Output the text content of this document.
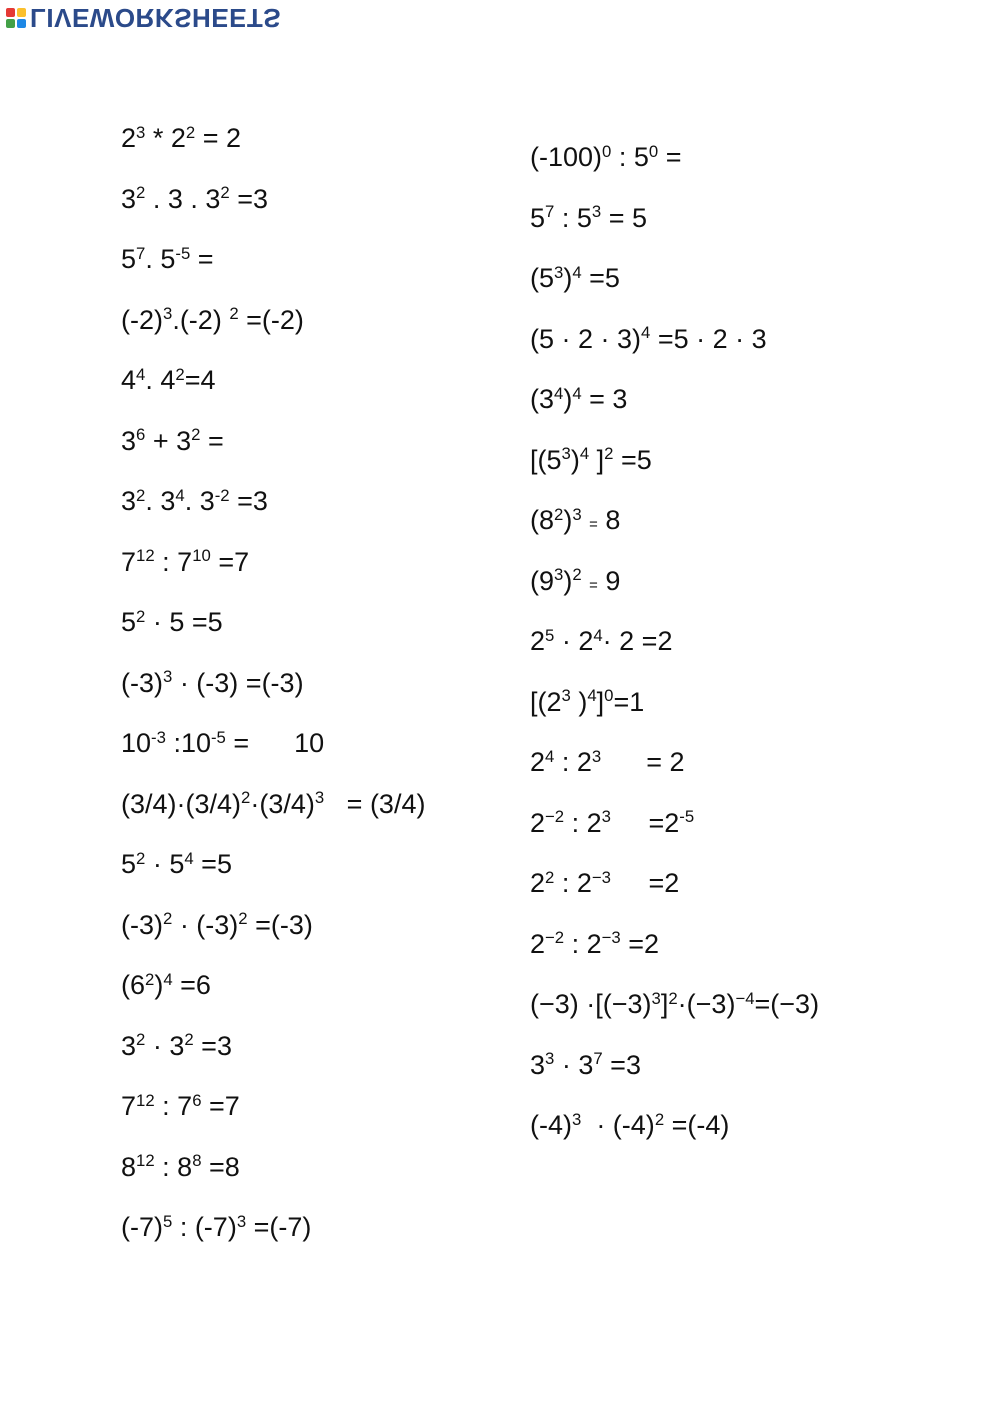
LIVEWORKSHEETS
$2^3 * 2^2 = 2$
$3^2$ . 3 . $3^2 =3$
$5^7$. $5^{-5}$ =
$(-2)^3.(-2)$ $^2$ =(-2)
$4^4$. $4^2=4$
$3^6 + 3^2$ =
$3^2$. $3^4$. $3^{-2} =3$
$7^{12}$ : $7^{10} =7$
$5^2 \cdot 5 =5$
$(-3)^3 \cdot (-3) =(-3)$
$10^{-3}$ $:10^{-5}$ =      10
$(3/4)\cdot(3/4)^2\cdot(3/4)^3 = (3/4)$
$5^2 \cdot 5^4 =5$
$(-3)^2 \cdot (-3)^2 =(-3)$
$(6^2)^4 =6$
$3^2 \cdot 3^2 =3$
$7^{12}$ : $7^6 =7$
$8^{12}$ : $8^8 =8$
$(-7)^5$ : $(-7)^3 =(-7)$
$(-100)^0$ : $5^0$ =
$5^7$ : $5^3 = 5$
$(5^3)^4 =5$
$(5 \cdot 2 \cdot 3)^4 =5 \cdot 2 \cdot 3$
$(3^4)^4 = 3$
[$(5^3)^4$ ]$^2$ =5
$(8^2)^3 = 8$
$(9^3)^2 = 9$
$2^5 \cdot 2^4\cdot 2 =2$
[($2^3$ )$^4$]$^0$=1
$2^4$ : $2^3$      = 2
$2^{-2}$ : $2^3$     $=2^{-5}$
$2^2$ : $2^{-3}$     =2
$2^{-2}$ : $2^{-3} =2$
$(-3) \cdot[(-3)^3]^2\cdot(-3)^{-4}=(-3)$
$3^3 \cdot 3^7 =3$
$(-4)^3 \cdot (-4)^2 =(-4)$
